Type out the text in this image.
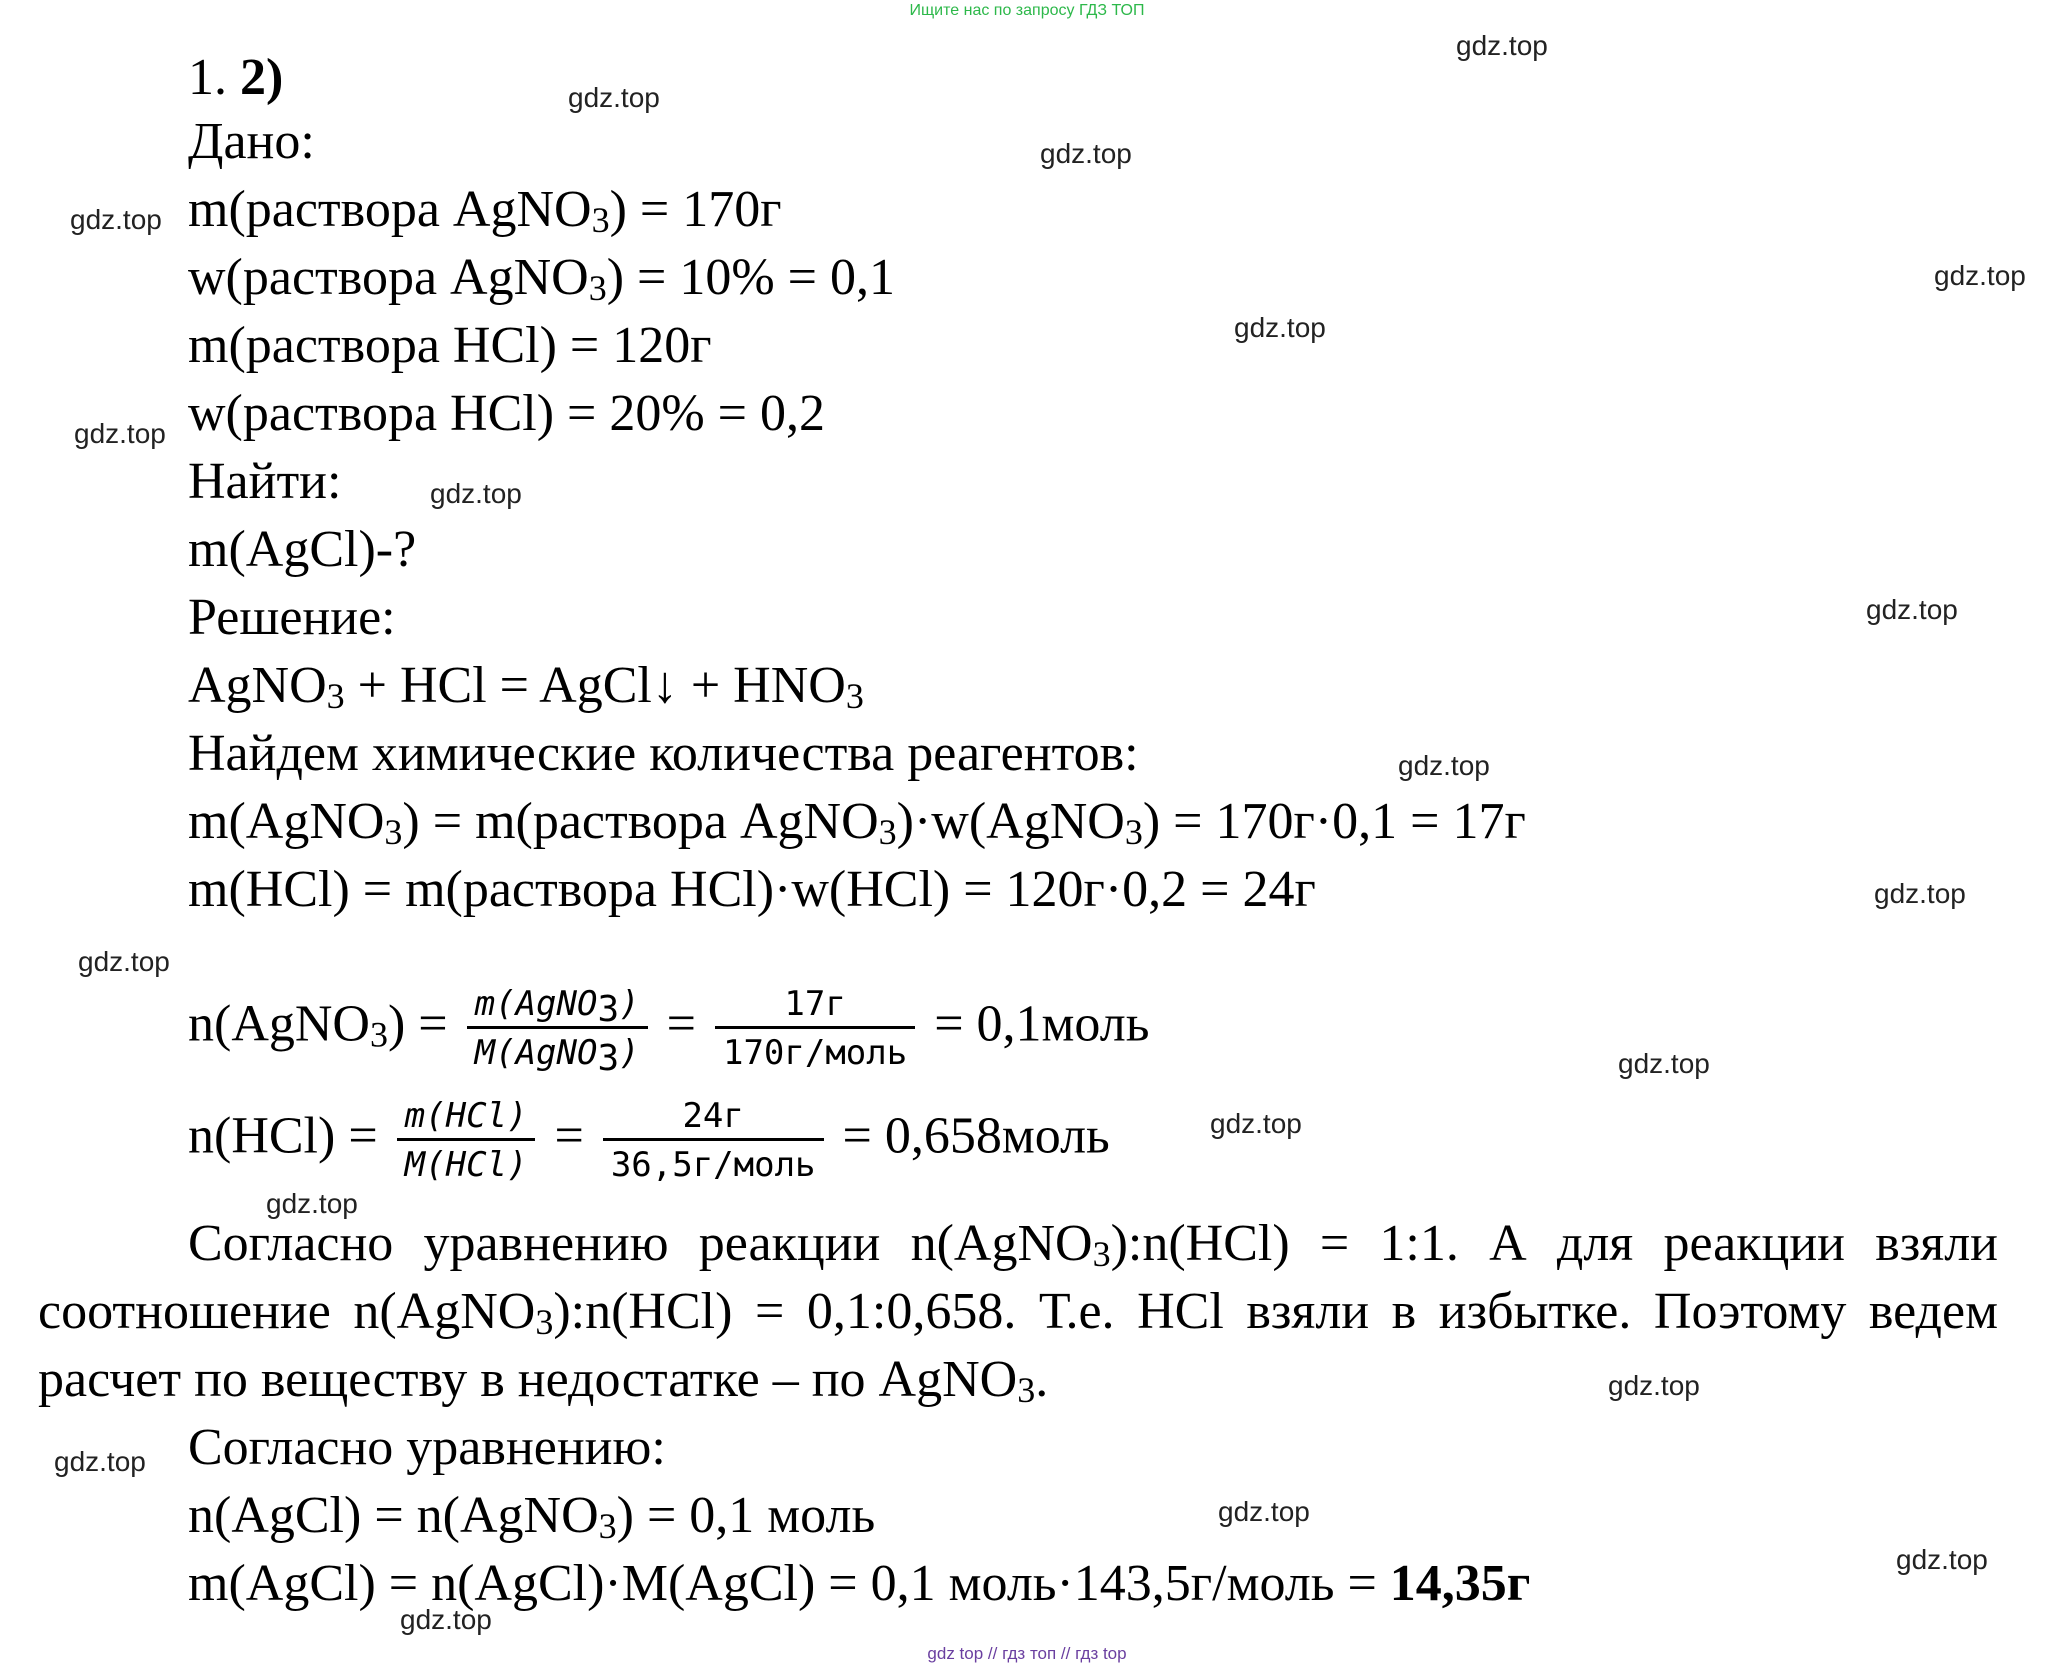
Ищите нас по запросу ГДЗ ТОП
gdz.top
gdz.top
gdz.top
gdz.top
gdz.top
gdz.top
gdz.top
gdz.top
gdz.top
gdz.top
gdz.top
gdz.top
gdz.top
gdz.top
gdz.top
gdz.top
gdz.top
gdz.top
gdz.top
gdz.top
1. 2)
Дано:
m(раствора AgNO$_3$) = 170г
w(раствора AgNO$_3$) = 10% = 0,1
m(раствора HCl) = 120г
w(раствора HCl) = 20% = 0,2
Найти:
m(AgCl)-?
Решение:
AgNO$_3$ + HCl = AgCl↓ + $HNO_3$
Найдем химические количества реагентов:
m(AgNO$_3$) = m(раствора AgNO$_3$)·w(AgNO$_3$) = 170г·0,1 = 17г
m(HCl) = m(раствора HCl)·w(HCl) = 120г·0,2 = 24г
n(AgNO$_3$) = $\frac{m(AgNO_3)}{M(AgNO_3)} = \frac{17г}{\text{170г/моль}}$ = 0,1моль
$n(HCl) = \frac{\text{m(HCl)}}{\text{M(HCl)}} = \frac{24г}{\text{36,5г/моль}}$ = 0,658моль
Согласно уравнению реакции n(AgNO$_3$):n(HCl) = 1:1. А для реакции взяли соотношение n(AgNO$_3$):n(HCl) = 0,1:0,658. Т.е. HCl взяли в избытке. Поэтому ведем расчет по веществу в недостатке – по AgNO$_3$.
Согласно уравнению:
n(AgCl) = n(AgNO$_3$) = 0,1 моль
m(AgCl) = n(AgCl)·M(AgCl) = 0,1 моль·143,5г/моль = 14,35г
gdz top // гдз топ // гдз top
